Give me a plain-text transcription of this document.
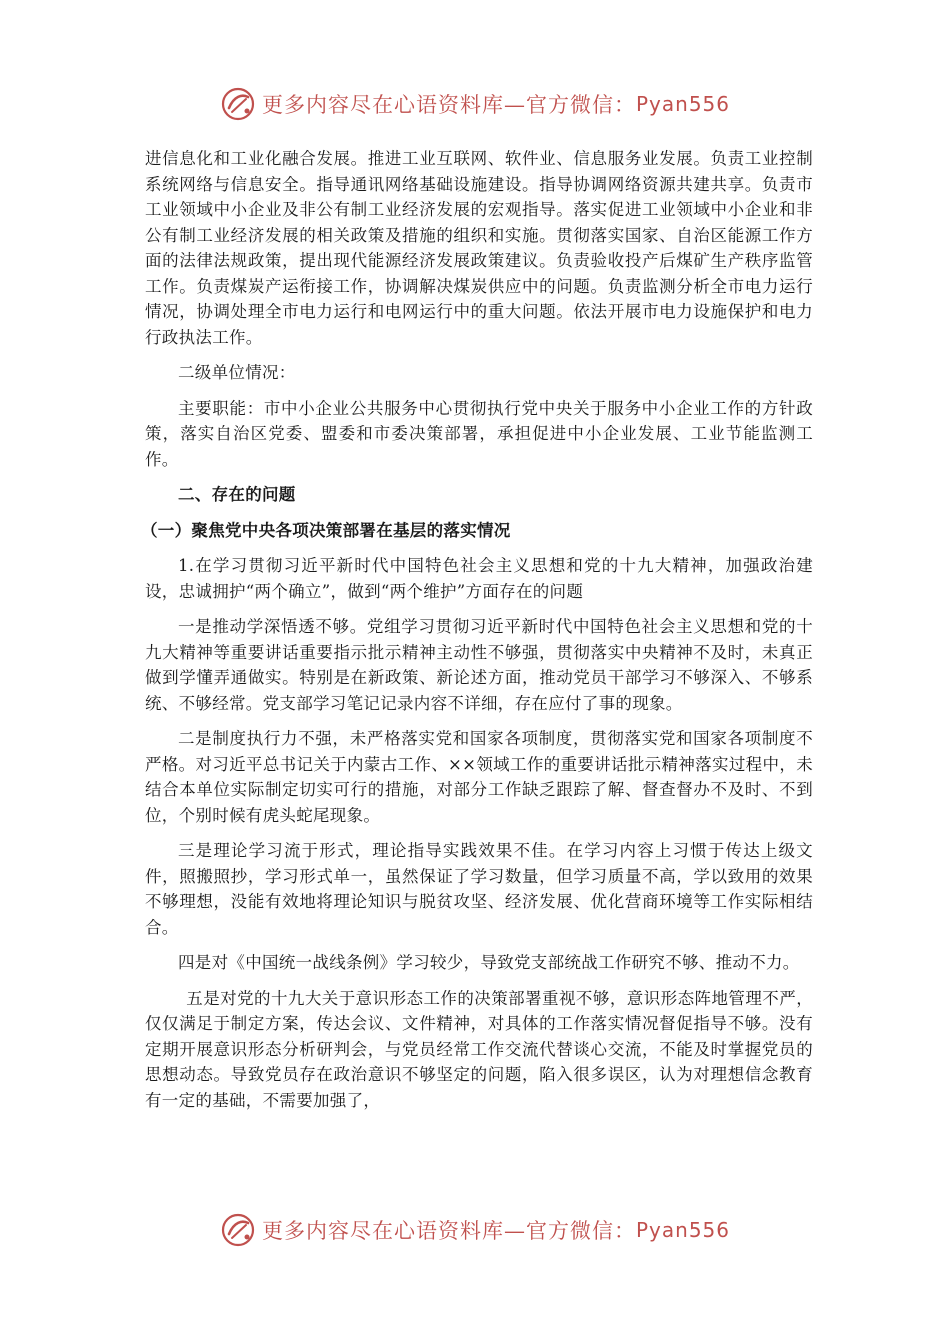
更多内容尽在心语资料库—官方微信： Pyan556

进信息化和工业化融合发展。推进工业互联网、软件业、信息服务业发展。负责工业控制系统网络与信息安全。指导通讯网络基础设施建设。指导协调网络资源共建共享。负责市工业领域中小企业及非公有制工业经济发展的宏观指导。落实促进工业领域中小企业和非公有制工业经济发展的相关政策及措施的组织和实施。贯彻落实国家、自治区能源工作方面的法律法规政策，提出现代能源经济发展政策建议。负责验收投产后煤矿生产秩序监管工作。负责煤炭产运衔接工作，协调解决煤炭供应中的问题。负责监测分析全市电力运行情况，协调处理全市电力运行和电网运行中的重大问题。依法开展市电力设施保护和电力行政执法工作。

二级单位情况：

主要职能：市中小企业公共服务中心贯彻执行党中央关于服务中小企业工作的方针政策，落实自治区党委、盟委和市委决策部署，承担促进中小企业发展、工业节能监测工作。

二、存在的问题

（一）聚焦党中央各项决策部署在基层的落实情况

1.在学习贯彻习近平新时代中国特色社会主义思想和党的十九大精神，加强政治建设，忠诚拥护“两个确立”，做到“两个维护”方面存在的问题

一是推动学深悟透不够。党组学习贯彻习近平新时代中国特色社会主义思想和党的十九大精神等重要讲话重要指示批示精神主动性不够强，贯彻落实中央精神不及时，未真正做到学懂弄通做实。特别是在新政策、新论述方面，推动党员干部学习不够深入、不够系统、不够经常。党支部学习笔记记录内容不详细，存在应付了事的现象。

二是制度执行力不强，未严格落实党和国家各项制度，贯彻落实党和国家各项制度不严格。对习近平总书记关于内蒙古工作、××领域工作的重要讲话批示精神落实过程中，未结合本单位实际制定切实可行的措施，对部分工作缺乏跟踪了解、督查督办不及时、不到位，个别时候有虎头蛇尾现象。

三是理论学习流于形式，理论指导实践效果不佳。在学习内容上习惯于传达上级文件，照搬照抄，学习形式单一，虽然保证了学习数量，但学习质量不高，学以致用的效果不够理想，没能有效地将理论知识与脱贫攻坚、经济发展、优化营商环境等工作实际相结合。

四是对《中国统一战线条例》学习较少，导致党支部统战工作研究不够、推动不力。

五是对党的十九大关于意识形态工作的决策部署重视不够，意识形态阵地管理不严，仅仅满足于制定方案，传达会议、文件精神，对具体的工作落实情况督促指导不够。没有定期开展意识形态分析研判会，与党员经常工作交流代替谈心交流，不能及时掌握党员的思想动态。导致党员存在政治意识不够坚定的问题，陷入很多误区，认为对理想信念教育有一定的基础，不需要加强了，

更多内容尽在心语资料库—官方微信： Pyan556
